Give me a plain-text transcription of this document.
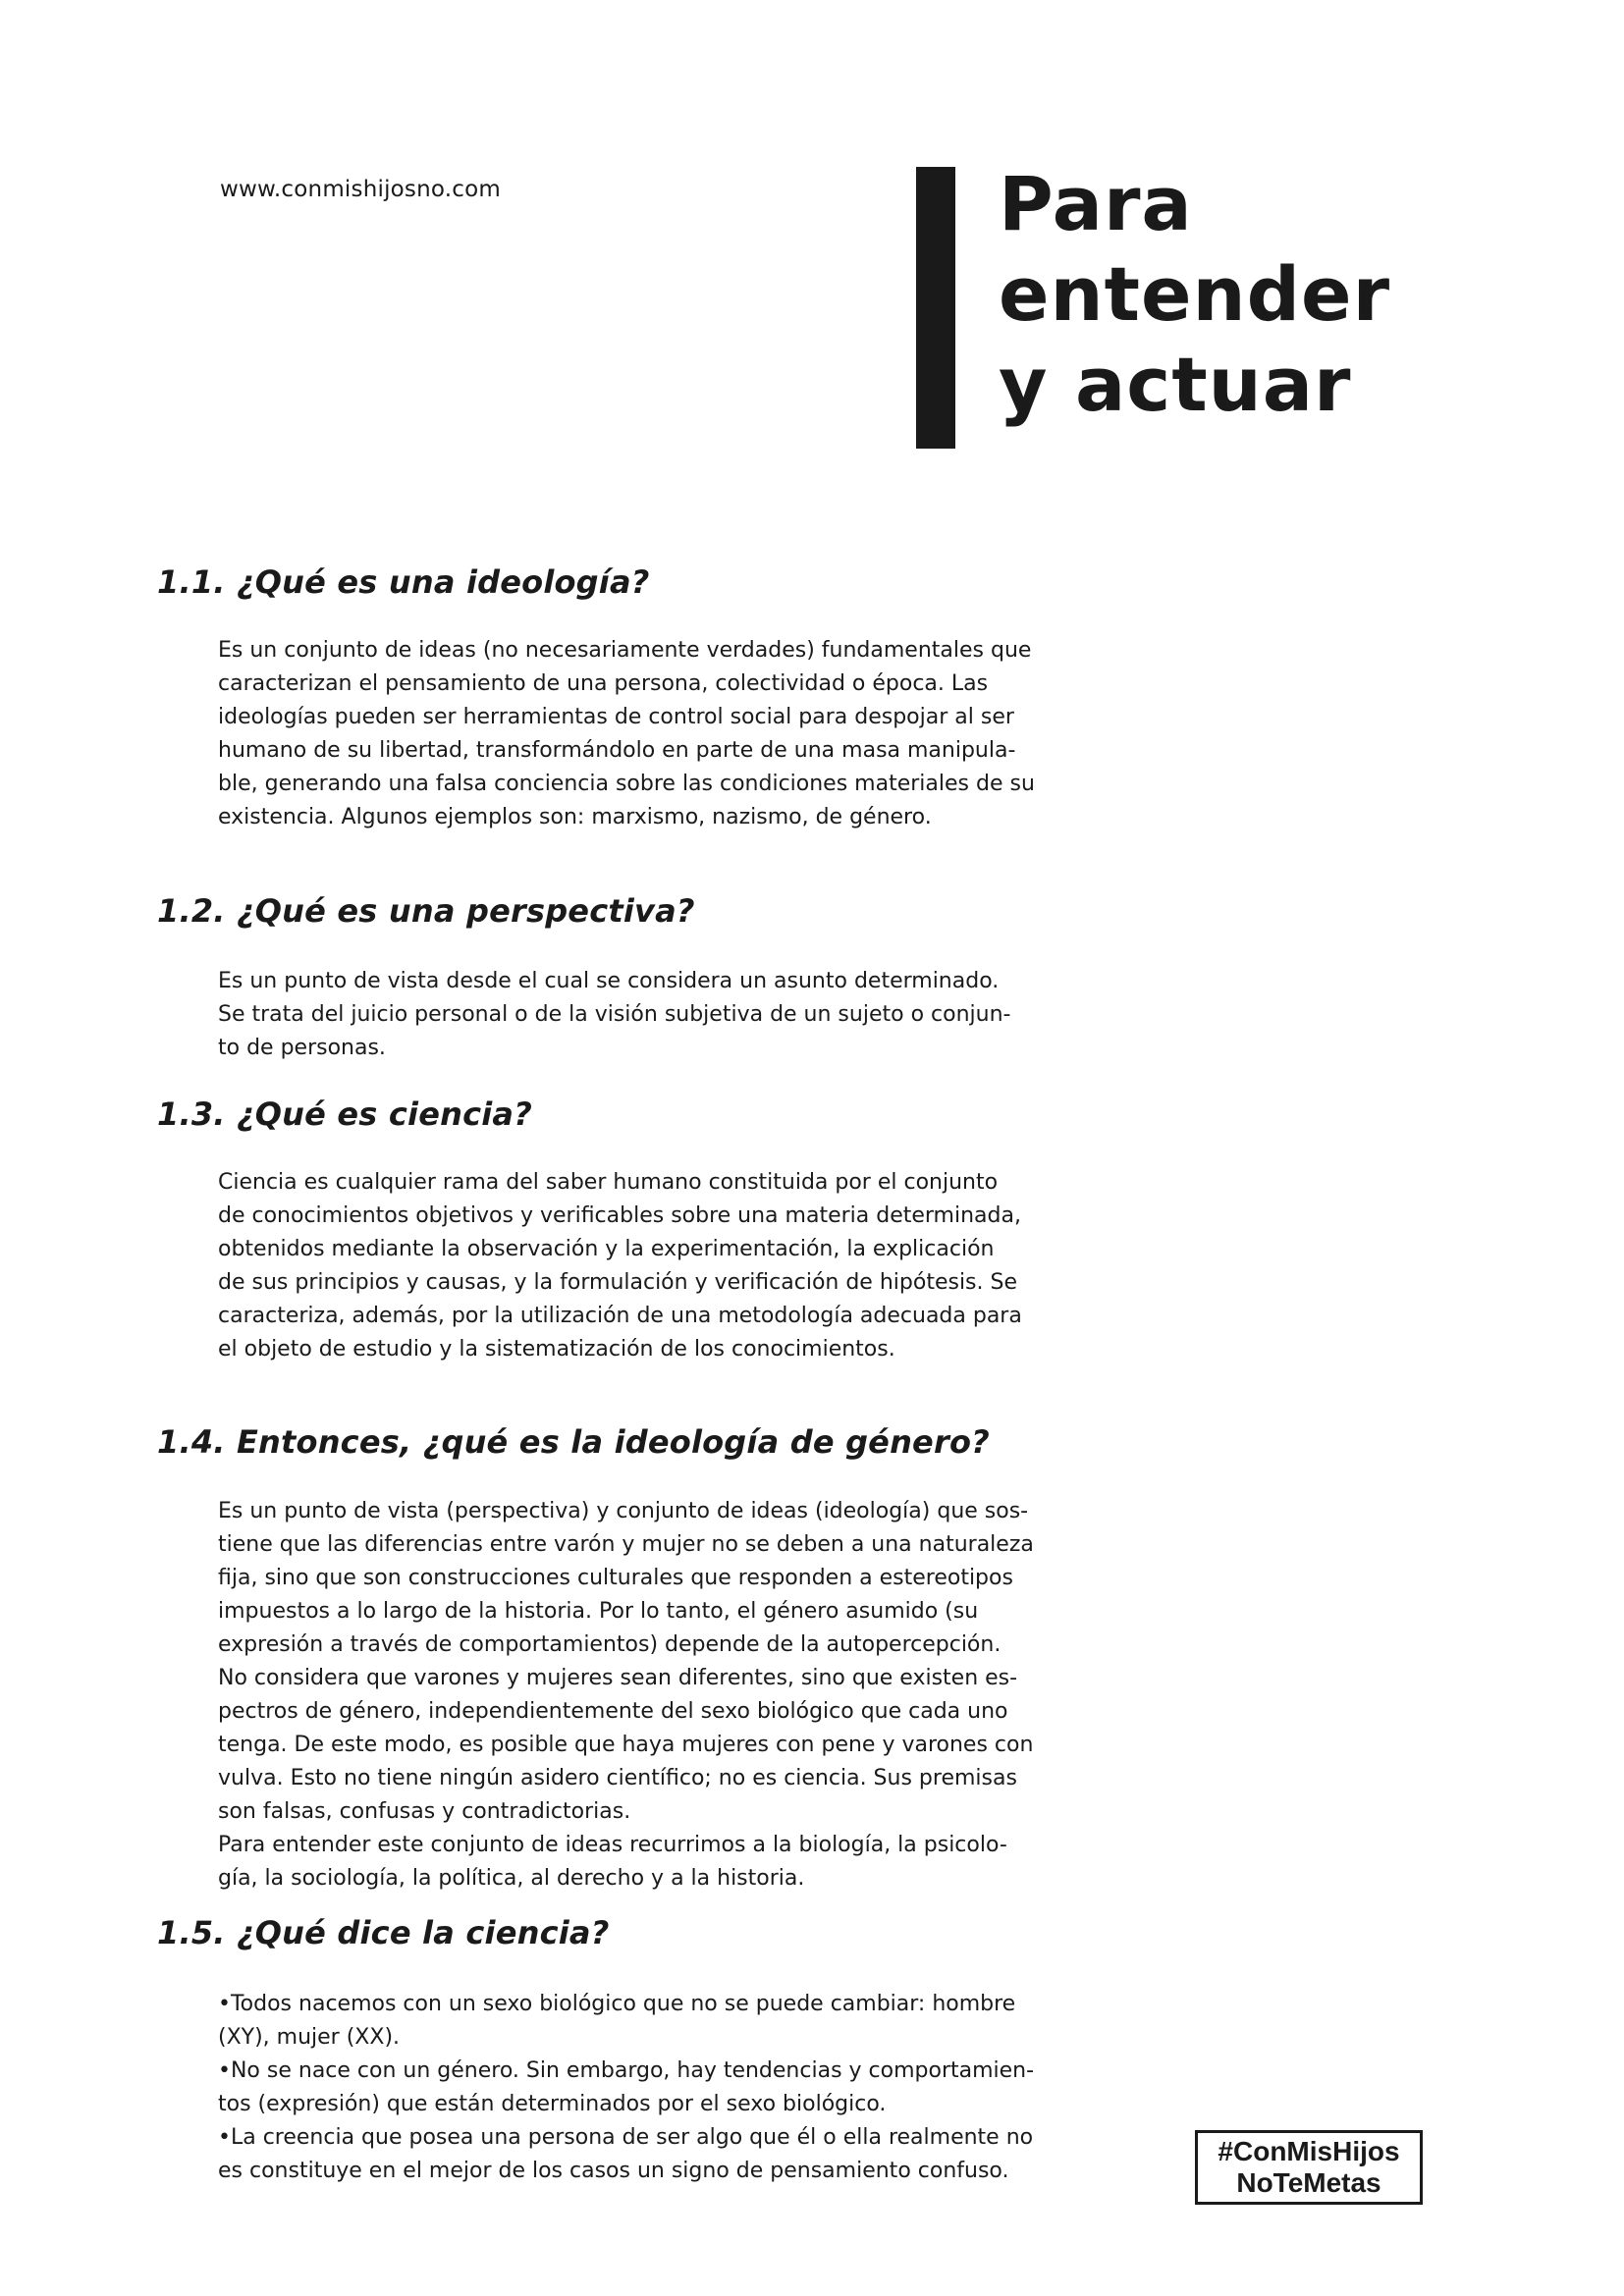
www.conmishijosno.com	Para
entender
y actuar
1.1. ¿Qué es una ideología?
Es un conjunto de ideas (no necesariamente verdades) fundamentales que
caracterizan el pensamiento de una persona, colectividad o época. Las
ideologías pueden ser herramientas de control social para despojar al ser
humano de su libertad, transformándolo en parte de una masa manipula-
ble, generando una falsa conciencia sobre las condiciones materiales de su
existencia. Algunos ejemplos son: marxismo, nazismo, de género.
1.2. ¿Qué es una perspectiva?
Es un punto de vista desde el cual se considera un asunto determinado.
Se trata del juicio personal o de la visión subjetiva de un sujeto o conjun-
to de personas.
1.3. ¿Qué es ciencia?
Ciencia es cualquier rama del saber humano constituida por el conjunto
de conocimientos objetivos y verificables sobre una materia determinada,
obtenidos mediante la observación y la experimentación, la explicación
de sus principios y causas, y la formulación y verificación de hipótesis. Se
caracteriza, además, por la utilización de una metodología adecuada para
el objeto de estudio y la sistematización de los conocimientos.
1.4. Entonces, ¿qué es la ideología de género?
Es un punto de vista (perspectiva) y conjunto de ideas (ideología) que sos-
tiene que las diferencias entre varón y mujer no se deben a una naturaleza
fija, sino que son construcciones culturales que responden a estereotipos
impuestos a lo largo de la historia. Por lo tanto, el género asumido (su
expresión a través de comportamientos) depende de la autopercepción.
No considera que varones y mujeres sean diferentes, sino que existen es-
pectros de género, independientemente del sexo biológico que cada uno
tenga. De este modo, es posible que haya mujeres con pene y varones con
vulva. Esto no tiene ningún asidero científico; no es ciencia. Sus premisas
son falsas, confusas y contradictorias.
Para entender este conjunto de ideas recurrimos a la biología, la psicolo-
gía, la sociología, la política, al derecho y a la historia.
1.5. ¿Qué dice la ciencia?
•Todos nacemos con un sexo biológico que no se puede cambiar: hombre
(XY), mujer (XX).
•No se nace con un género. Sin embargo, hay tendencias y comportamien-
tos (expresión) que están determinados por el sexo biológico.
•La creencia que posea una persona de ser algo que él o ella realmente no
es constituye en el mejor de los casos un signo de pensamiento confuso.
#ConMisHijos
NoTeMetas
